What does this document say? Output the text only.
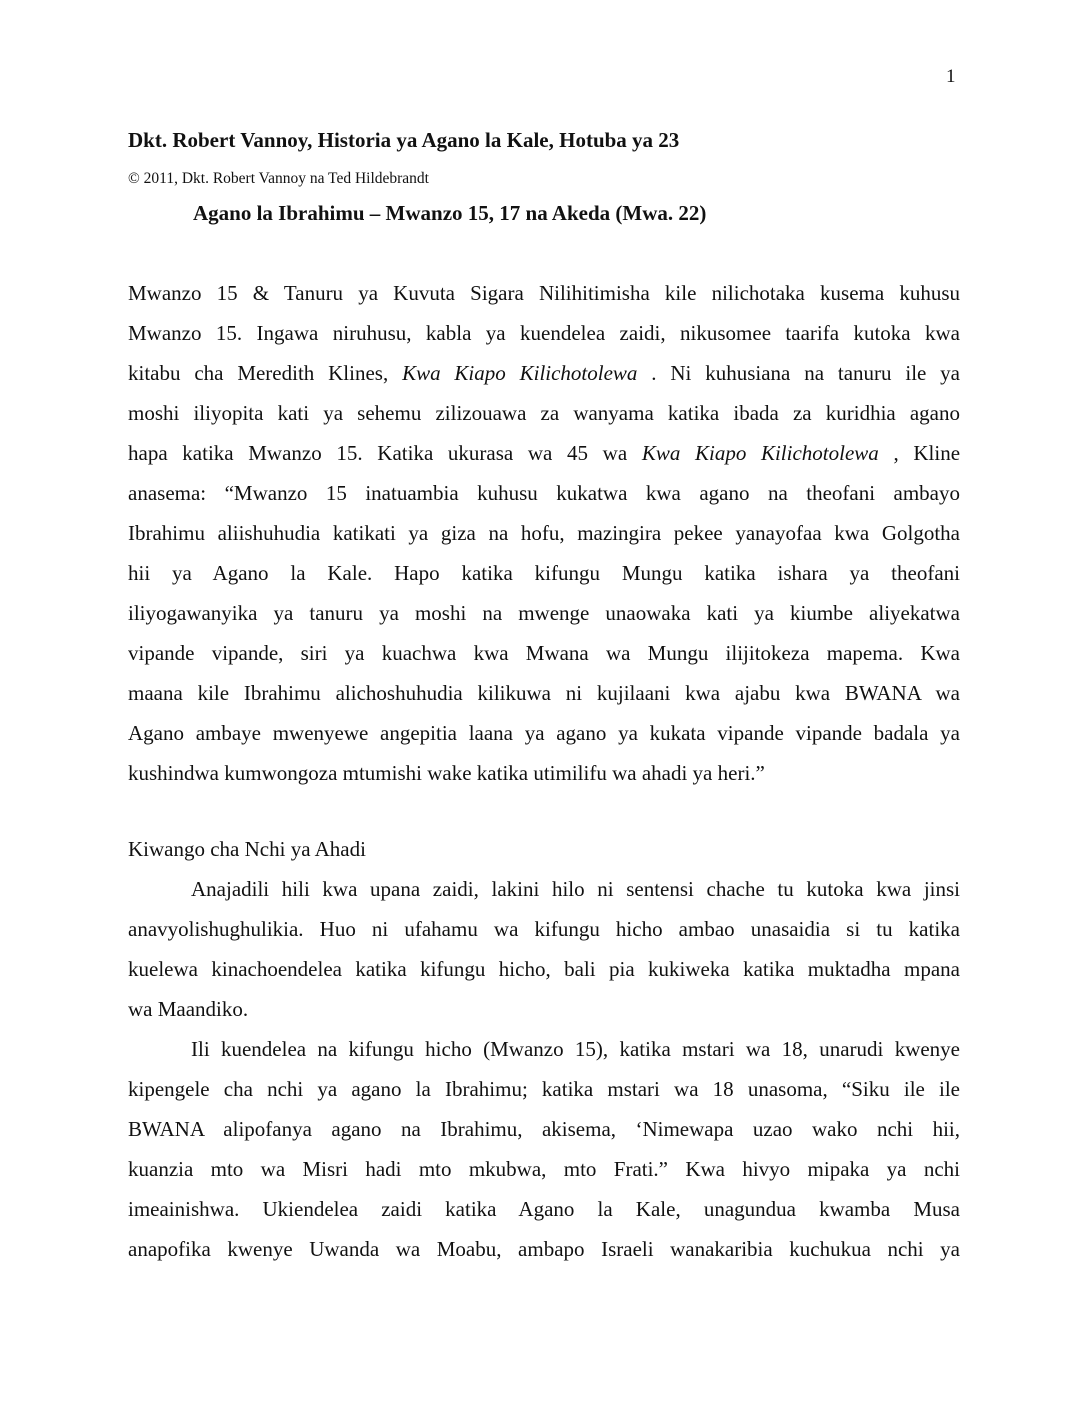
1
Dkt. Robert Vannoy, Historia ya Agano la Kale, Hotuba ya 23
© 2011, Dkt. Robert Vannoy na Ted Hildebrandt
Agano la Ibrahimu – Mwanzo 15, 17 na Akeda (Mwa. 22)
Mwanzo 15 & Tanuru ya Kuvuta Sigara Nilihitimisha kile nilichotaka kusema kuhusu
Mwanzo 15. Ingawa niruhusu, kabla ya kuendelea zaidi, nikusomee taarifa kutoka kwa
kitabu cha Meredith Klines, Kwa Kiapo Kilichotolewa . Ni kuhusiana na tanuru ile ya
moshi iliyopita kati ya sehemu zilizouawa za wanyama katika ibada za kuridhia agano
hapa katika Mwanzo 15. Katika ukurasa wa 45 wa Kwa Kiapo Kilichotolewa , Kline
anasema: “Mwanzo 15 inatuambia kuhusu kukatwa kwa agano na theofani ambayo
Ibrahimu aliishuhudia katikati ya giza na hofu, mazingira pekee yanayofaa kwa Golgotha
hii ya Agano la Kale. Hapo katika kifungu Mungu katika ishara ya theofani
iliyogawanyika ya tanuru ya moshi na mwenge unaowaka kati ya kiumbe aliyekatwa
vipande vipande, siri ya kuachwa kwa Mwana wa Mungu ilijitokeza mapema. Kwa
maana kile Ibrahimu alichoshuhudia kilikuwa ni kujilaani kwa ajabu kwa BWANA wa
Agano ambaye mwenyewe angepitia laana ya agano ya kukata vipande vipande badala ya
kushindwa kumwongoza mtumishi wake katika utimilifu wa ahadi ya heri.”
Kiwango cha Nchi ya Ahadi
Anajadili hili kwa upana zaidi, lakini hilo ni sentensi chache tu kutoka kwa jinsi
anavyolishughulikia. Huo ni ufahamu wa kifungu hicho ambao unasaidia si tu katika
kuelewa kinachoendelea katika kifungu hicho, bali pia kukiweka katika muktadha mpana
wa Maandiko.
Ili kuendelea na kifungu hicho (Mwanzo 15), katika mstari wa 18, unarudi kwenye
kipengele cha nchi ya agano la Ibrahimu; katika mstari wa 18 unasoma, “Siku ile ile
BWANA alipofanya agano na Ibrahimu, akisema, ‘Nimewapa uzao wako nchi hii,
kuanzia mto wa Misri hadi mto mkubwa, mto Frati.” Kwa hivyo mipaka ya nchi
imeainishwa. Ukiendelea zaidi katika Agano la Kale, unagundua kwamba Musa
anapofika kwenye Uwanda wa Moabu, ambapo Israeli wanakaribia kuchukua nchi ya
